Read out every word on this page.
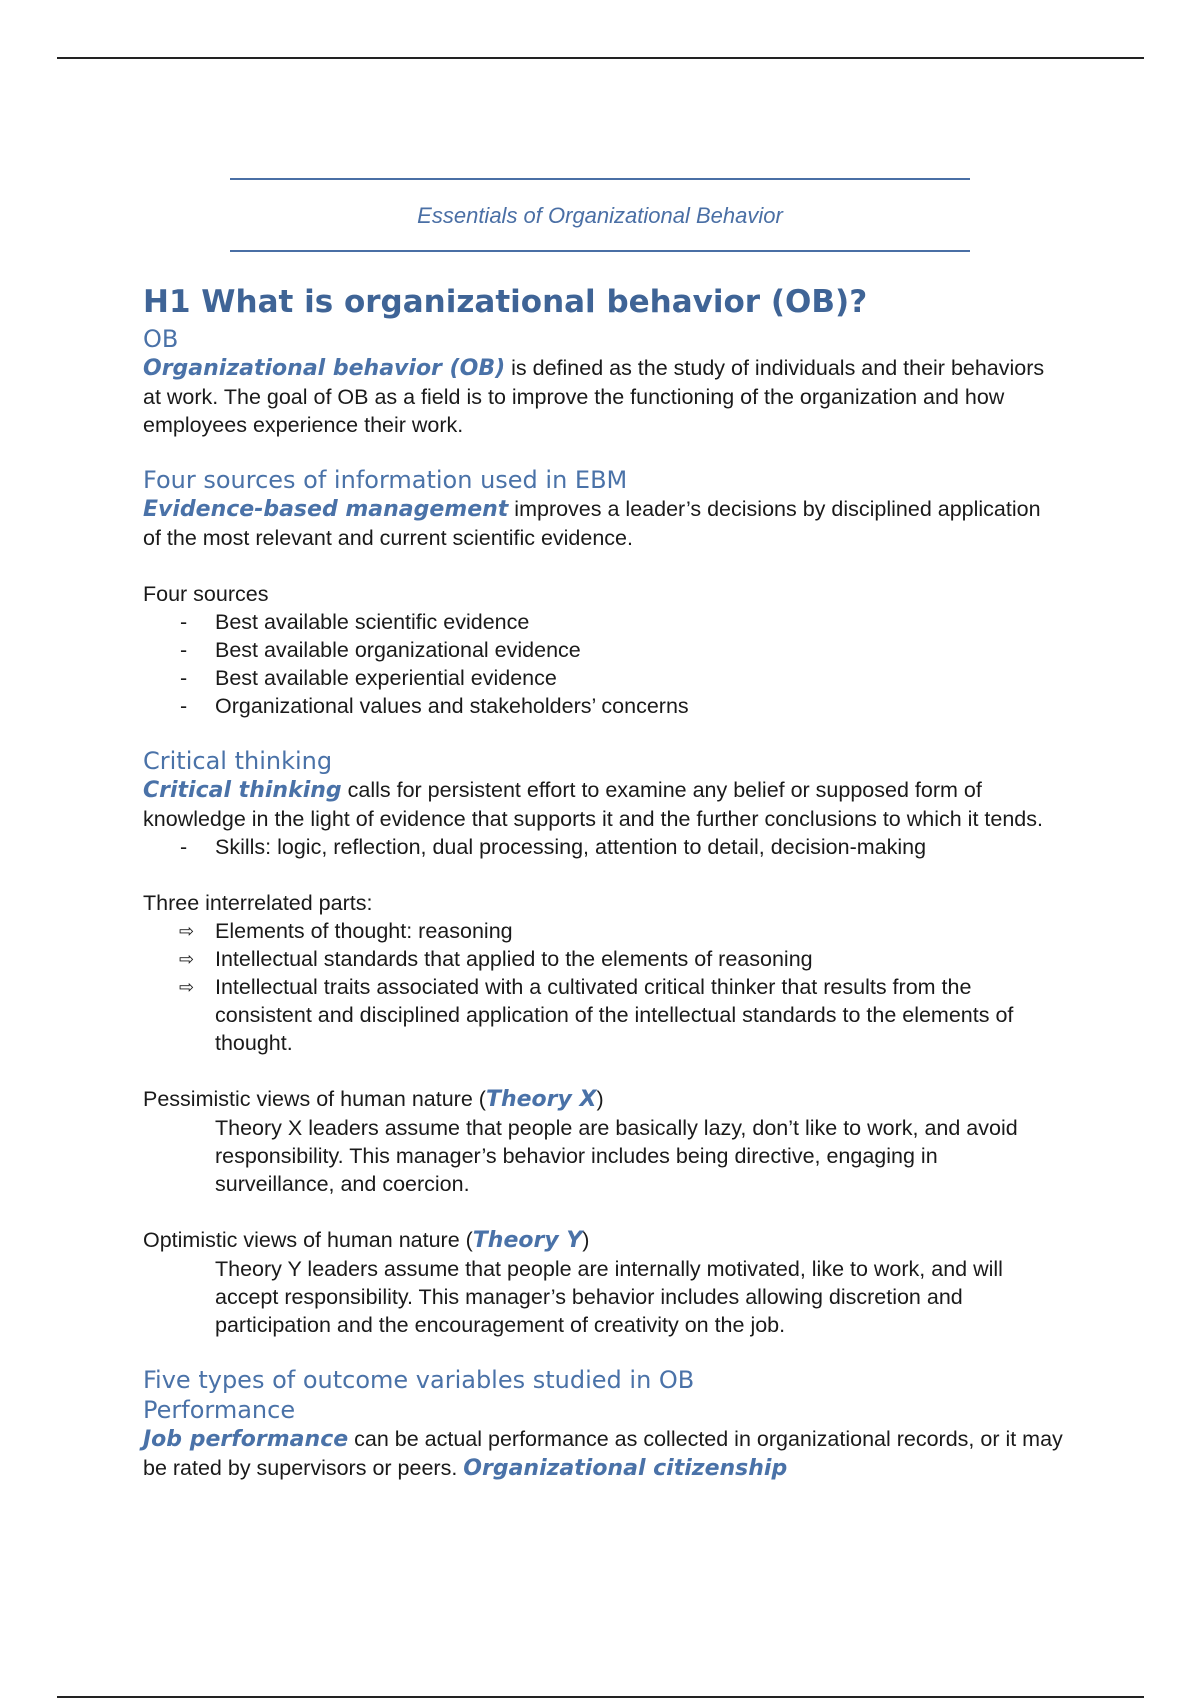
Essentials of Organizational Behavior
H1 What is organizational behavior (OB)?
OB

Organizational behavior (OB) is defined as the study of individuals and their behaviors at work. The goal of OB as a field is to improve the functioning of the organization and how employees experience their work.

Four sources of information used in EBM

Evidence-based management improves a leader’s decisions by disciplined application of the most relevant and current scientific evidence.

Four sources
- Best available scientific evidence
- Best available organizational evidence
- Best available experiential evidence
- Organizational values and stakeholders’ concerns
Critical thinking

Critical thinking calls for persistent effort to examine any belief or supposed form of knowledge in the light of evidence that supports it and the further conclusions to which it tends.

- Skills: logic, reflection, dual processing, attention to detail, decision-making
Three interrelated parts:
⇨ Elements of thought: reasoning
⇨ Intellectual standards that applied to the elements of reasoning
⇨ Intellectual traits associated with a cultivated critical thinker that results from the consistent and disciplined application of the intellectual standards to the elements of thought.
Pessimistic views of human nature (Theory X)

Theory X leaders assume that people are basically lazy, don’t like to work, and avoid responsibility. This manager’s behavior includes being directive, engaging in surveillance, and coercion.

Optimistic views of human nature (Theory Y)

Theory Y leaders assume that people are internally motivated, like to work, and will accept responsibility. This manager’s behavior includes allowing discretion and participation and the encouragement of creativity on the job.

Five types of outcome variables studied in OB
Performance

Job performance can be actual performance as collected in organizational records, or it may be rated by supervisors or peers. Organizational citizenship
